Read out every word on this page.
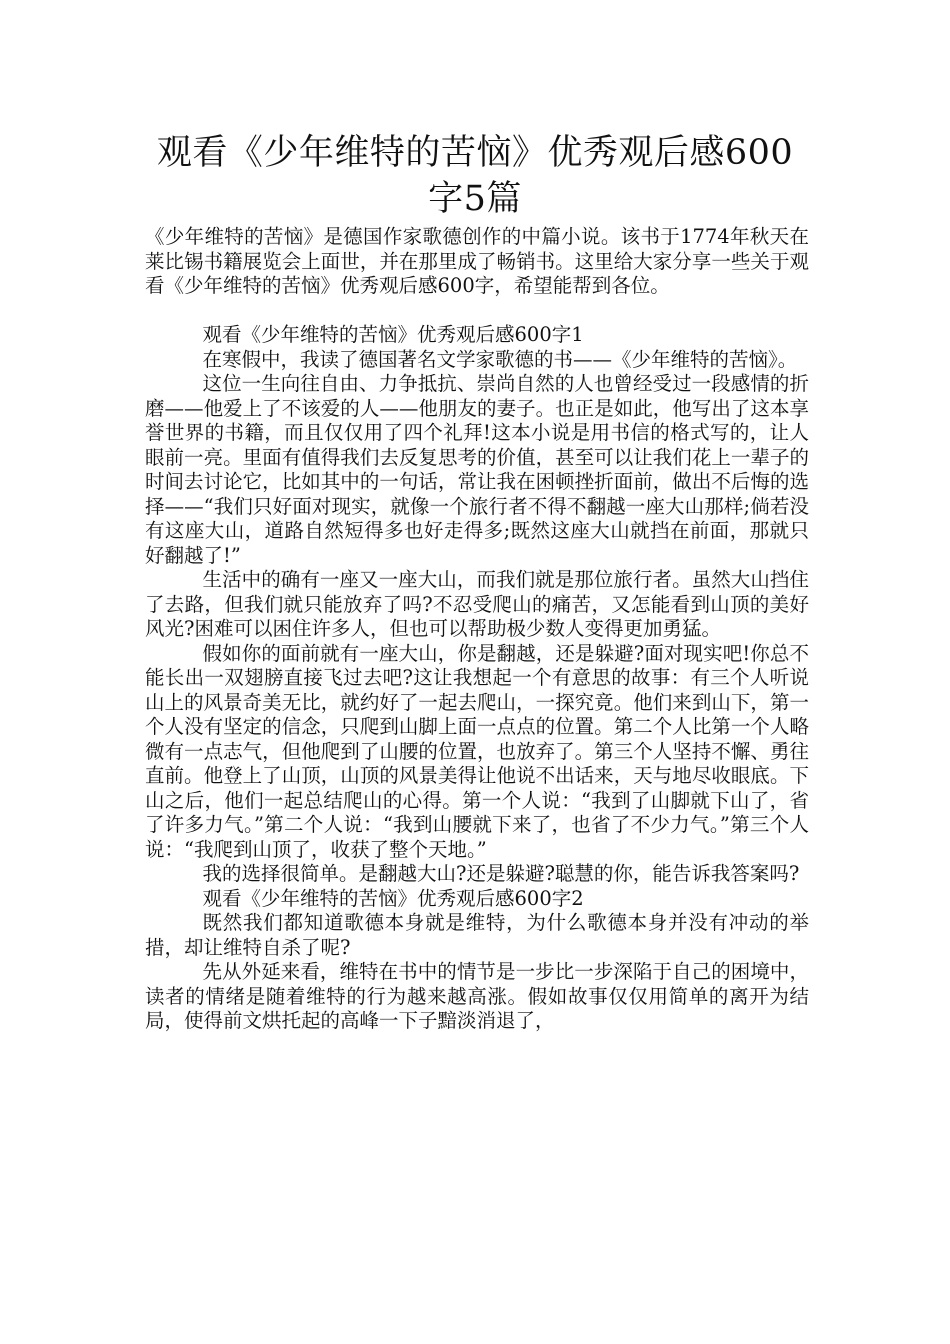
观看《少年维特的苦恼》优秀观后感600字5篇

《少年维特的苦恼》是德国作家歌德创作的中篇小说。该书于1774年秋天在莱比锡书籍展览会上面世，并在那里成了畅销书。这里给大家分享一些关于观看《少年维特的苦恼》优秀观后感600字，希望能帮到各位。

观看《少年维特的苦恼》优秀观后感600字1

在寒假中，我读了德国著名文学家歌德的书——《少年维特的苦恼》。

这位一生向往自由、力争抵抗、崇尚自然的人也曾经受过一段感情的折磨——他爱上了不该爱的人——他朋友的妻子。也正是如此，他写出了这本享誉世界的书籍，而且仅仅用了四个礼拜!这本小说是用书信的格式写的，让人眼前一亮。里面有值得我们去反复思考的价值，甚至可以让我们花上一辈子的时间去讨论它，比如其中的一句话，常让我在困顿挫折面前，做出不后悔的选择——“我们只好面对现实，就像一个旅行者不得不翻越一座大山那样;倘若没有这座大山，道路自然短得多也好走得多;既然这座大山就挡在前面，那就只好翻越了!”

生活中的确有一座又一座大山，而我们就是那位旅行者。虽然大山挡住了去路，但我们就只能放弃了吗?不忍受爬山的痛苦，又怎能看到山顶的美好风光?困难可以困住许多人，但也可以帮助极少数人变得更加勇猛。

假如你的面前就有一座大山，你是翻越，还是躲避?面对现实吧!你总不能长出一双翅膀直接飞过去吧?这让我想起一个有意思的故事：有三个人听说山上的风景奇美无比，就约好了一起去爬山，一探究竟。他们来到山下，第一个人没有坚定的信念，只爬到山脚上面一点点的位置。第二个人比第一个人略微有一点志气，但他爬到了山腰的位置，也放弃了。第三个人坚持不懈、勇往直前。他登上了山顶，山顶的风景美得让他说不出话来，天与地尽收眼底。下山之后，他们一起总结爬山的心得。第一个人说：“我到了山脚就下山了，省了许多力气。”第二个人说：“我到山腰就下来了，也省了不少力气。”第三个人说：“我爬到山顶了，收获了整个天地。”

我的选择很简单。是翻越大山?还是躲避?聪慧的你，能告诉我答案吗?

观看《少年维特的苦恼》优秀观后感600字2

既然我们都知道歌德本身就是维特，为什么歌德本身并没有冲动的举措，却让维特自杀了呢?

先从外延来看，维特在书中的情节是一步比一步深陷于自己的困境中，读者的情绪是随着维特的行为越来越高涨。假如故事仅仅用简单的离开为结局，使得前文烘托起的高峰一下子黯淡消退了，
